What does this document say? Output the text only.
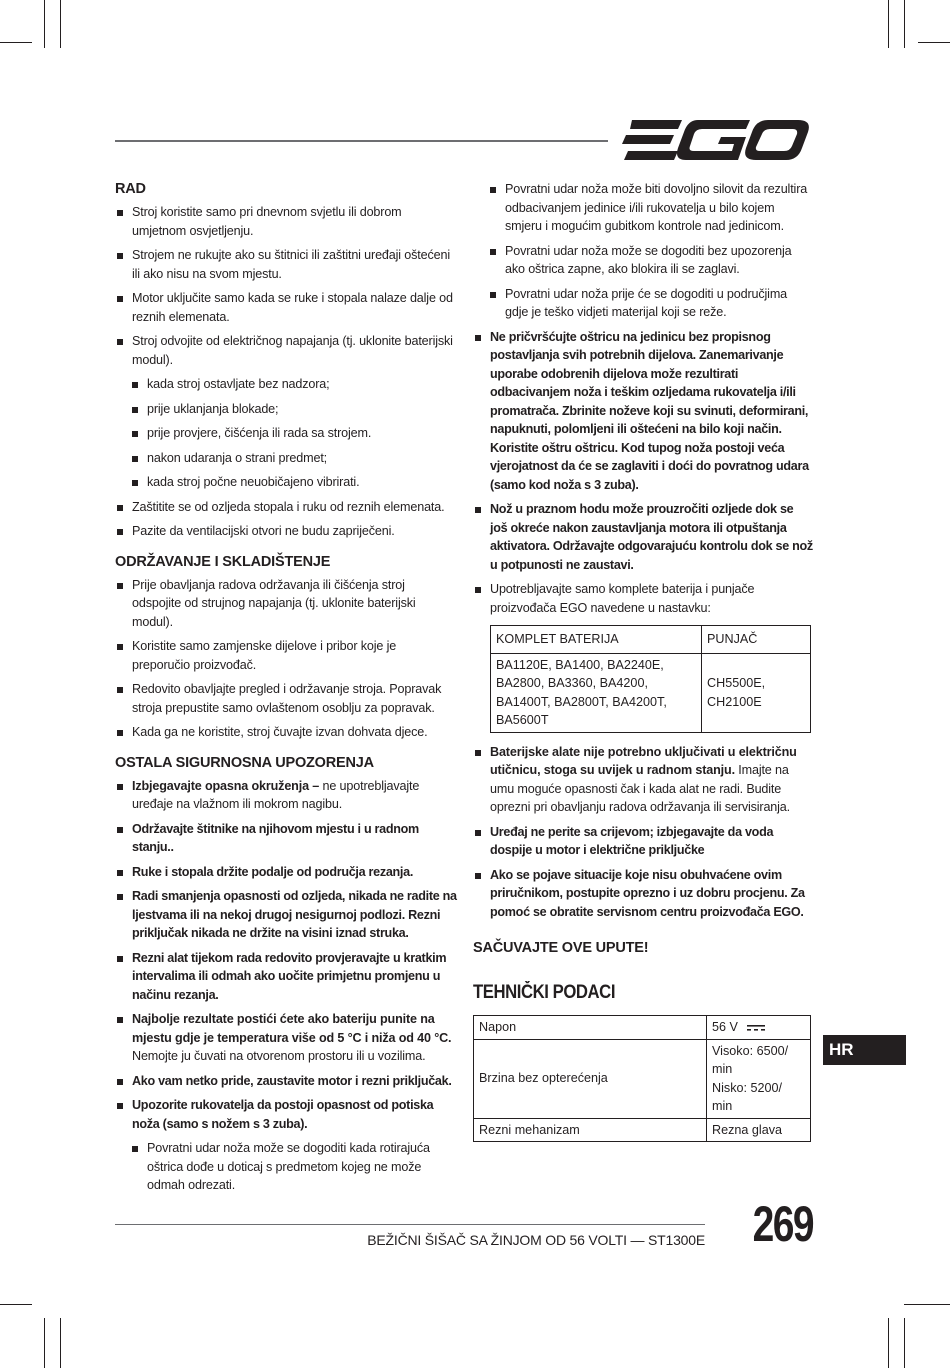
RAD
Stroj koristite samo pri dnevnom svjetlu ili dobrom umjetnom osvjetljenju.
Strojem ne rukujte ako su štitnici ili zaštitni uređaji oštećeni ili ako nisu na svom mjestu.
Motor uključite samo kada se ruke i stopala nalaze dalje od reznih elemenata.
Stroj odvojite od električnog napajanja (tj. uklonite baterijski modul).
kada stroj ostavljate bez nadzora;
prije uklanjanja blokade;
prije provjere, čišćenja ili rada sa strojem.
nakon udaranja o strani predmet;
kada stroj počne neuobičajeno vibrirati.
Zaštitite se od ozljeda stopala i ruku od reznih elemenata.
Pazite da ventilacijski otvori ne budu zapriječeni.
ODRŽAVANJE I SKLADIŠTENJE
Prije obavljanja radova održavanja ili čišćenja stroj odspojite od strujnog napajanja (tj. uklonite baterijski modul).
Koristite samo zamjenske dijelove i pribor koje je preporučio proizvođač.
Redovito obavljajte pregled i održavanje stroja. Popravak stroja prepustite samo ovlaštenom osoblju za popravak.
Kada ga ne koristite, stroj čuvajte izvan dohvata djece.
OSTALA SIGURNOSNA UPOZORENJA
Izbjegavajte opasna okruženja – ne upotrebljavajte uređaje na vlažnom ili mokrom nagibu.
Održavajte štitnike na njihovom mjestu i u radnom stanju..
Ruke i stopala držite podalje od područja rezanja.
Radi smanjenja opasnosti od ozljeda, nikada ne radite na ljestvama ili na nekoj drugoj nesigurnoj podlozi. Rezni priključak nikada ne držite na visini iznad struka.
Rezni alat tijekom rada redovito provjeravajte u kratkim intervalima ili odmah ako uočite primjetnu promjenu u načinu rezanja.
Najbolje rezultate postići ćete ako bateriju punite na mjestu gdje je temperatura više od 5 °C i niža od 40 °C. Nemojte ju čuvati na otvorenom prostoru ili u vozilima.
Ako vam netko pride, zaustavite motor i rezni priključak.
Upozorite rukovatelja da postoji opasnost od potiska noža (samo s nožem s 3 zuba).
Povratni udar noža može se dogoditi kada rotirajuća oštrica dođe u doticaj s predmetom kojeg ne može odmah odrezati.
Povratni udar noža može biti dovoljno silovit da rezultira odbacivanjem jedinice i/ili rukovatelja u bilo kojem smjeru i mogućim gubitkom kontrole nad jedinicom.
Povratni udar noža može se dogoditi bez upozorenja ako oštrica zapne, ako blokira ili se zaglavi.
Povratni udar noža prije će se dogoditi u područjima gdje je teško vidjeti materijal koji se reže.
Ne pričvršćujte oštricu na jedinicu bez propisnog postavljanja svih potrebnih dijelova. Zanemarivanje uporabe odobrenih dijelova može rezultirati odbacivanjem noža i teškim ozljedama rukovatelja i/ili promatrača. Zbrinite noževe koji su svinuti, deformirani, napuknuti, polomljeni ili oštećeni na bilo koji način. Koristite oštru oštricu. Kod tupog noža postoji veća vjerojatnost da će se zaglaviti i doći do povratnog udara (samo kod noža s 3 zuba).
Nož u praznom hodu može prouzročiti ozljede dok se još okreće nakon zaustavljanja motora ili otpuštanja aktivatora. Održavajte odgovarajuću kontrolu dok se nož u potpunosti ne zaustavi.
Upotrebljavajte samo komplete baterija i punjače proizvođača EGO navedene u nastavku:
KOMPLET BATERIJA	PUNJAČ
BA1120E, BA1400, BA2240E, BA2800, BA3360, BA4200, BA1400T, BA2800T, BA4200T, BA5600T	CH5500E, CH2100E
Baterijske alate nije potrebno uključivati u električnu utičnicu, stoga su uvijek u radnom stanju. Imajte na umu moguće opasnosti čak i kada alat ne radi. Budite oprezni pri obavljanju radova održavanja ili servisiranja.
Uređaj ne perite sa crijevom; izbjegavajte da voda dospije u motor i električne priključke
Ako se pojave situacije koje nisu obuhvaćene ovim priručnikom, postupite oprezno i uz dobru procjenu. Za pomoć se obratite servisnom centru proizvođača EGO.
SAČUVAJTE OVE UPUTE!
TEHNIČKI PODACI
Napon	56 V
Brzina bez opterećenja	Visoko: 6500/ min
Nisko: 5200/ min

Rezni mehanizam	Rezna glava
HR
BEŽIČNI ŠIŠAČ SA ŽINJOM OD 56 VOLTI — ST1300E 269
